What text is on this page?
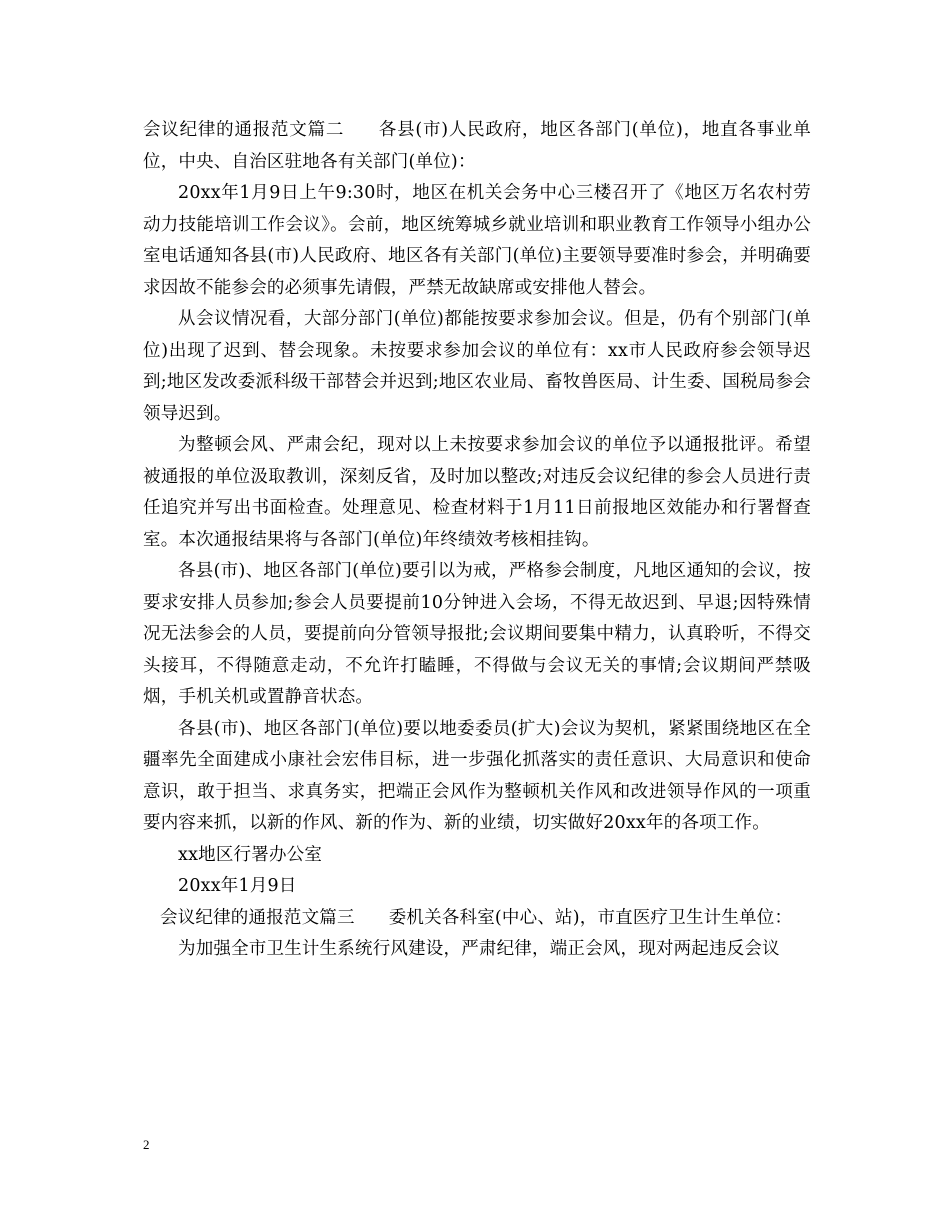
会议纪律的通报范文篇二 各县(市)人民政府，地区各部门(单位)，地直各事业单位，中央、自治区驻地各有关部门(单位)：

20xx年1月9日上午9:30时，地区在机关会务中心三楼召开了《地区万名农村劳动力技能培训工作会议》。会前，地区统筹城乡就业培训和职业教育工作领导小组办公室电话通知各县(市)人民政府、地区各有关部门(单位)主要领导要准时参会，并明确要求因故不能参会的必须事先请假，严禁无故缺席或安排他人替会。

从会议情况看，大部分部门(单位)都能按要求参加会议。但是，仍有个别部门(单位)出现了迟到、替会现象。未按要求参加会议的单位有：xx市人民政府参会领导迟到;地区发改委派科级干部替会并迟到;地区农业局、畜牧兽医局、计生委、国税局参会领导迟到。

为整顿会风、严肃会纪，现对以上未按要求参加会议的单位予以通报批评。希望被通报的单位汲取教训，深刻反省，及时加以整改;对违反会议纪律的参会人员进行责任追究并写出书面检查。处理意见、检查材料于1月11日前报地区效能办和行署督查室。本次通报结果将与各部门(单位)年终绩效考核相挂钩。

各县(市)、地区各部门(单位)要引以为戒，严格参会制度，凡地区通知的会议，按要求安排人员参加;参会人员要提前10分钟进入会场，不得无故迟到、早退;因特殊情况无法参会的人员，要提前向分管领导报批;会议期间要集中精力，认真聆听，不得交头接耳，不得随意走动，不允许打瞌睡，不得做与会议无关的事情;会议期间严禁吸烟，手机关机或置静音状态。

各县(市)、地区各部门(单位)要以地委委员(扩大)会议为契机，紧紧围绕地区在全疆率先全面建成小康社会宏伟目标，进一步强化抓落实的责任意识、大局意识和使命意识，敢于担当、求真务实，把端正会风作为整顿机关作风和改进领导作风的一项重要内容来抓，以新的作风、新的作为、新的业绩，切实做好20xx年的各项工作。

xx地区行署办公室

20xx年1月9日

会议纪律的通报范文篇三 委机关各科室(中心、站)，市直医疗卫生计生单位：

为加强全市卫生计生系统行风建设，严肃纪律，端正会风，现对两起违反会议

2
